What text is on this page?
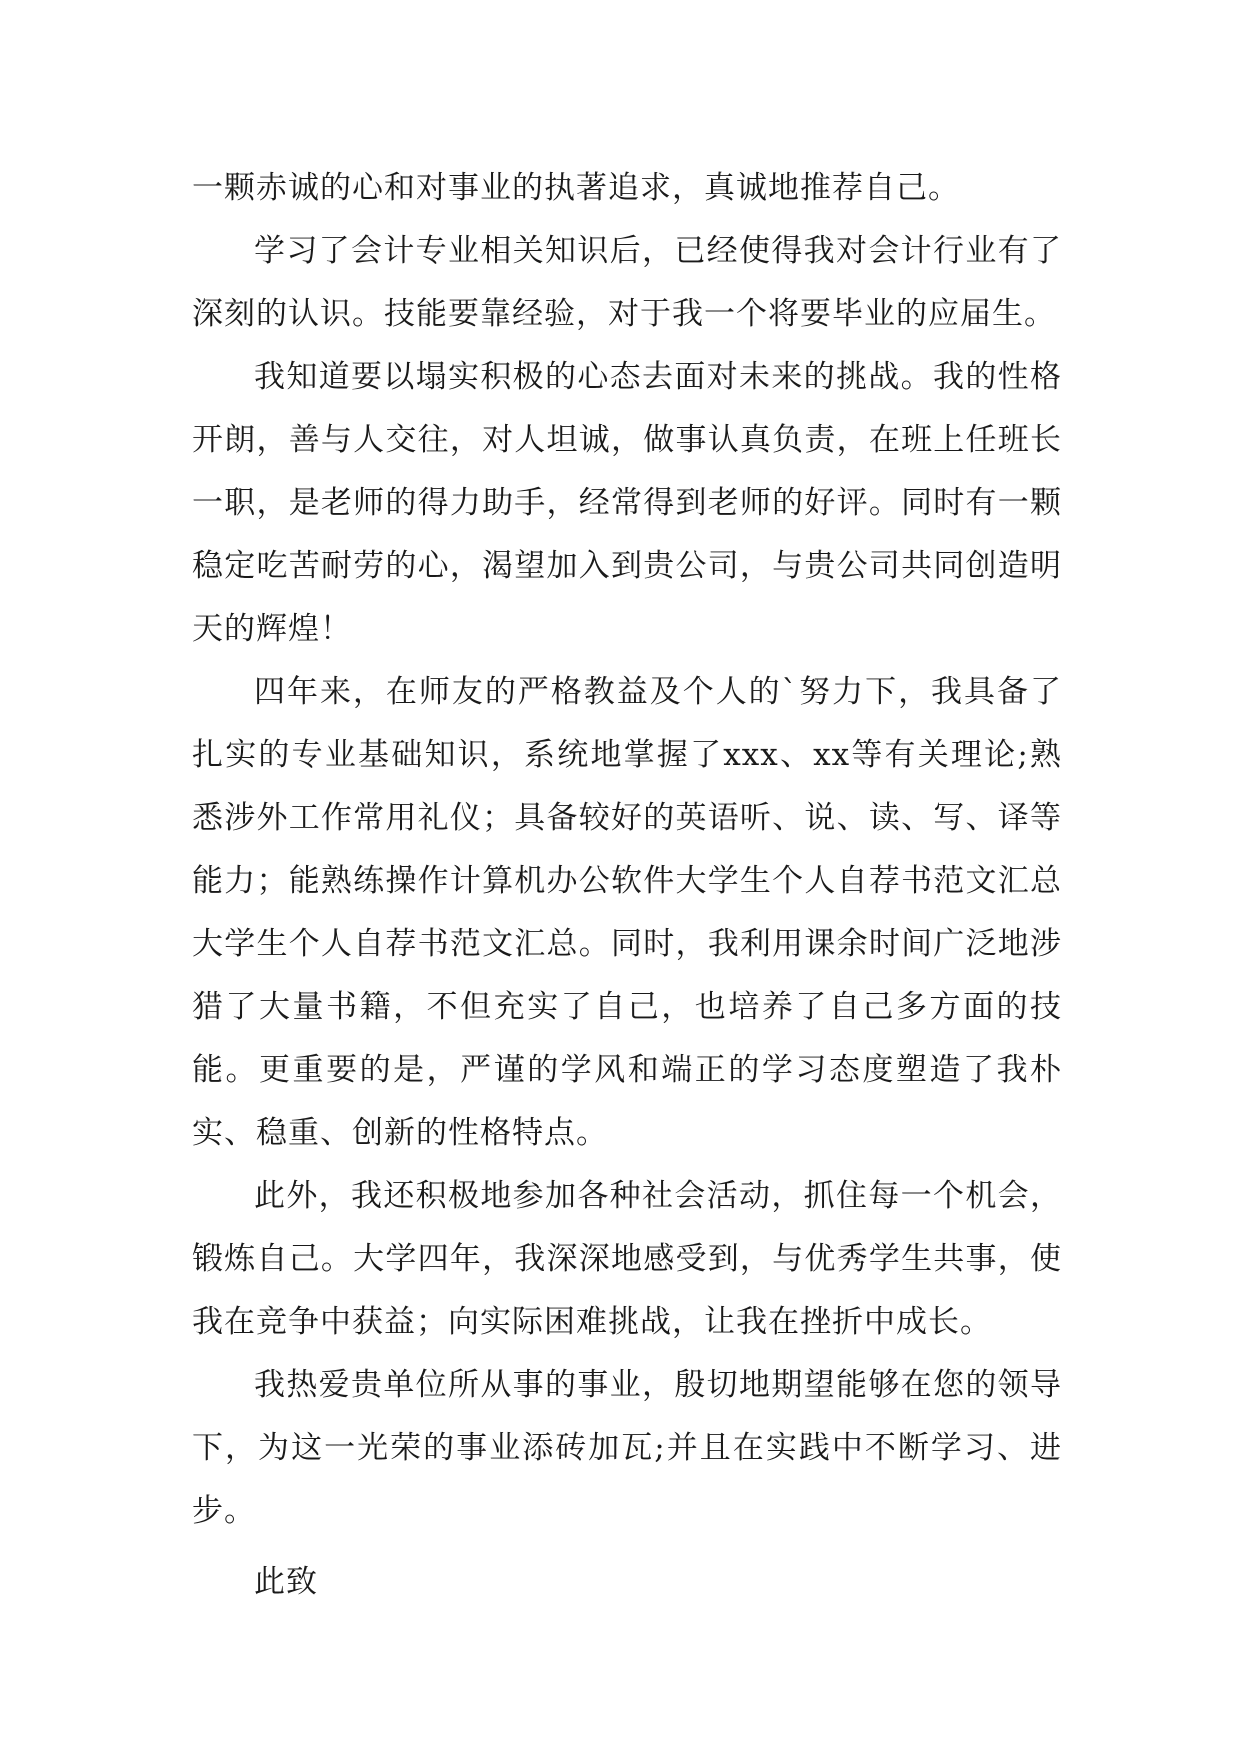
一颗赤诚的心和对事业的执著追求，真诚地推荐自己。

学习了会计专业相关知识后，已经使得我对会计行业有了深刻的认识。技能要靠经验，对于我一个将要毕业的应届生。

我知道要以塌实积极的心态去面对未来的挑战。我的性格开朗，善与人交往，对人坦诚，做事认真负责，在班上任班长一职，是老师的得力助手，经常得到老师的好评。同时有一颗稳定吃苦耐劳的心，渴望加入到贵公司，与贵公司共同创造明天的辉煌！

四年来，在师友的严格教益及个人的`努力下，我具备了扎实的专业基础知识，系统地掌握了xxx、xx等有关理论;熟悉涉外工作常用礼仪；具备较好的英语听、说、读、写、译等能力；能熟练操作计算机办公软件大学生个人自荐书范文汇总大学生个人自荐书范文汇总。同时，我利用课余时间广泛地涉猎了大量书籍，不但充实了自己，也培养了自己多方面的技能。更重要的是，严谨的学风和端正的学习态度塑造了我朴实、稳重、创新的性格特点。

此外，我还积极地参加各种社会活动，抓住每一个机会，锻炼自己。大学四年，我深深地感受到，与优秀学生共事，使我在竞争中获益；向实际困难挑战，让我在挫折中成长。

我热爱贵单位所从事的事业，殷切地期望能够在您的领导下，为这一光荣的事业添砖加瓦;并且在实践中不断学习、进步。

此致
